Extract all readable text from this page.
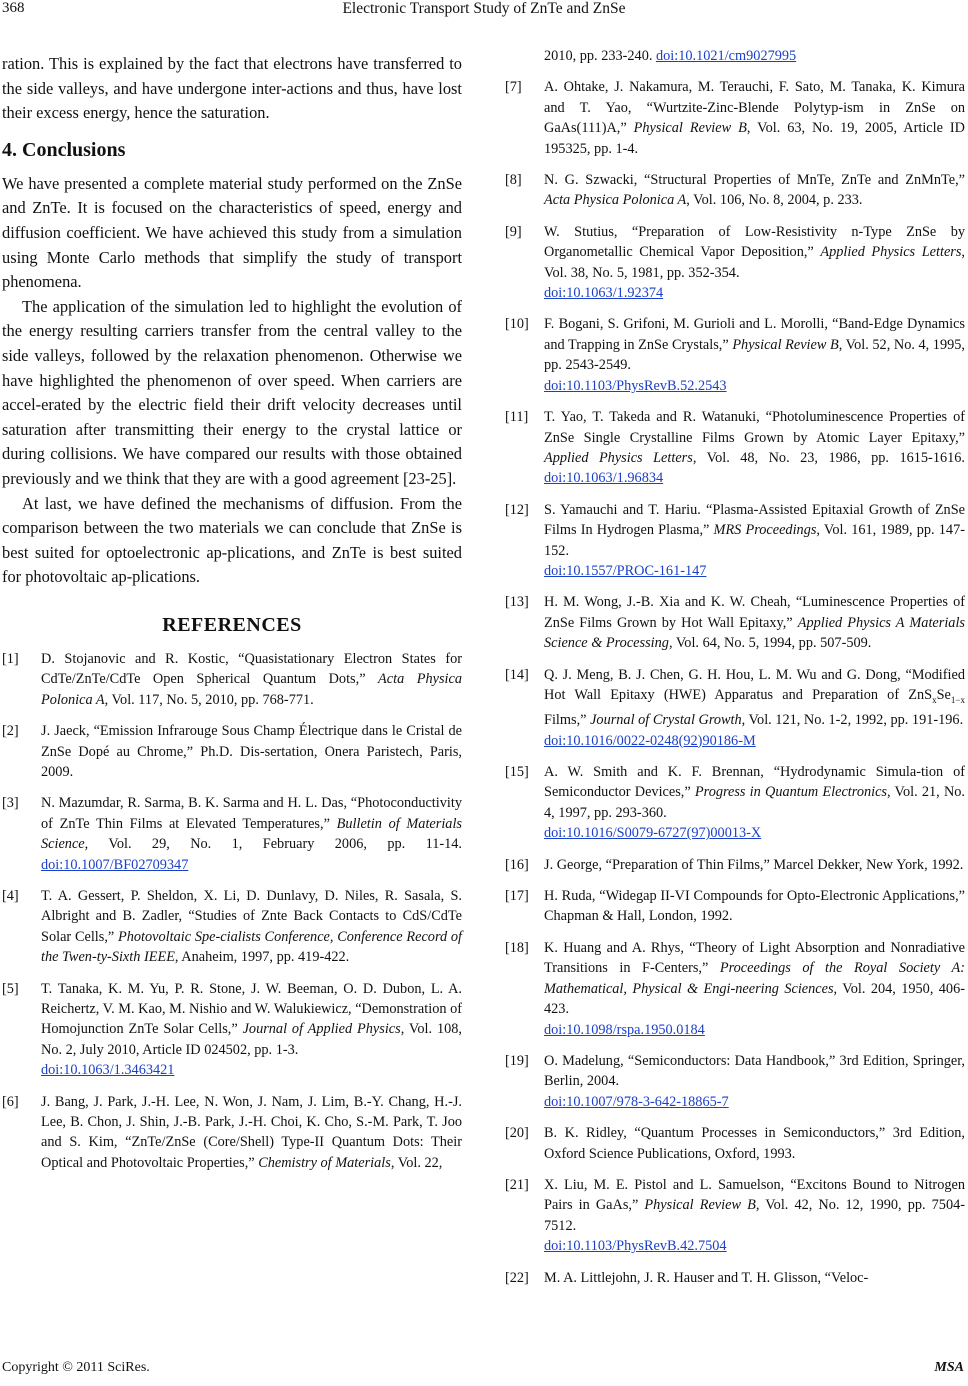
368	Electronic Transport Study of ZnTe and ZnSe

ration. This is explained by the fact that electrons have transferred to the side valleys, and have undergone inter-actions and thus, have lost their excess energy, hence the saturation.

4. Conclusions

We have presented a complete material study performed on the ZnSe and ZnTe. It is focused on the characteristics of speed, energy and diffusion coefficient. We have achieved this study from a simulation using Monte Carlo methods that simplify the study of transport phenomena.

The application of the simulation led to highlight the evolution of the energy resulting carriers transfer from the central valley to the side valleys, followed by the relaxation phenomenon. Otherwise we have highlighted the phenomenon of over speed. When carriers are accel-erated by the electric field their drift velocity decreases until saturation after transmitting their energy to the crystal lattice or during collisions. We have compared our results with those obtained previously and we think that they are with a good agreement [23-25].

At last, we have defined the mechanisms of diffusion. From the comparison between the two materials we can conclude that ZnSe is best suited for optoelectronic ap-plications, and ZnTe is best suited for photovoltaic ap-plications.

REFERENCES
[1] D. Stojanovic and R. Kostic, “Quasistationary Electron States for CdTe/ZnTe/CdTe Open Spherical Quantum Dots,” Acta Physica Polonica A, Vol. 117, No. 5, 2010, pp. 768-771.
[2] J. Jaeck, “Emission Infrarouge Sous Champ Électrique dans le Cristal de ZnSe Dopé au Chrome,” Ph.D. Dis-sertation, Onera Paristech, Paris, 2009.
[3] N. Mazumdar, R. Sarma, B. K. Sarma and H. L. Das, “Photoconductivity of ZnTe Thin Films at Elevated Temperatures,” Bulletin of Materials Science, Vol. 29, No. 1, February 2006, pp. 11-14. doi:10.1007/BF02709347
[4] T. A. Gessert, P. Sheldon, X. Li, D. Dunlavy, D. Niles, R. Sasala, S. Albright and B. Zadler, “Studies of Znte Back Contacts to CdS/CdTe Solar Cells,” Photovoltaic Spe-cialists Conference, Conference Record of the Twen-ty-Sixth IEEE, Anaheim, 1997, pp. 419-422.
[5] T. Tanaka, K. M. Yu, P. R. Stone, J. W. Beeman, O. D. Dubon, L. A. Reichertz, V. M. Kao, M. Nishio and W. Walukiewicz, “Demonstration of Homojunction ZnTe Solar Cells,” Journal of Applied Physics, Vol. 108, No. 2, July 2010, Article ID 024502, pp. 1-3.
doi:10.1063/1.3463421
[6] J. Bang, J. Park, J.-H. Lee, N. Won, J. Nam, J. Lim, B.-Y. Chang, H.-J. Lee, B. Chon, J. Shin, J.-B. Park, J.-H. Choi, K. Cho, S.-M. Park, T. Joo and S. Kim, “ZnTe/ZnSe (Core/Shell) Type-II Quantum Dots: Their Optical and Photovoltaic Properties,” Chemistry of Materials, Vol. 22,
2010, pp. 233-240. doi:10.1021/cm9027995
[7] A. Ohtake, J. Nakamura, M. Terauchi, F. Sato, M. Tanaka, K. Kimura and T. Yao, “Wurtzite-Zinc-Blende Polytyp-ism in ZnSe on GaAs(111)A,” Physical Review B, Vol. 63, No. 19, 2005, Article ID 195325, pp. 1-4.
[8] N. G. Szwacki, “Structural Properties of MnTe, ZnTe and ZnMnTe,” Acta Physica Polonica A, Vol. 106, No. 8, 2004, p. 233.
[9] W. Stutius, “Preparation of Low-Resistivity n-Type ZnSe by Organometallic Chemical Vapor Deposition,” Applied Physics Letters, Vol. 38, No. 5, 1981, pp. 352-354.
doi:10.1063/1.92374
[10] F. Bogani, S. Grifoni, M. Gurioli and L. Morolli, “Band-Edge Dynamics and Trapping in ZnSe Crystals,” Physical Review B, Vol. 52, No. 4, 1995, pp. 2543-2549.
doi:10.1103/PhysRevB.52.2543
[11] T. Yao, T. Takeda and R. Watanuki, “Photoluminescence Properties of ZnSe Single Crystalline Films Grown by Atomic Layer Epitaxy,” Applied Physics Letters, Vol. 48, No. 23, 1986, pp. 1615-1616. doi:10.1063/1.96834
[12] S. Yamauchi and T. Hariu. “Plasma-Assisted Epitaxial Growth of ZnSe Films In Hydrogen Plasma,” MRS Proceedings, Vol. 161, 1989, pp. 147-152.
doi:10.1557/PROC-161-147
[13] H. M. Wong, J.-B. Xia and K. W. Cheah, “Luminescence Properties of ZnSe Films Grown by Hot Wall Epitaxy,” Applied Physics A Materials Science & Processing, Vol. 64, No. 5, 1994, pp. 507-509.
[14] Q. J. Meng, B. J. Chen, G. H. Hou, L. M. Wu and G. Dong, “Modified Hot Wall Epitaxy (HWE) Apparatus and Preparation of $ZnS_xSe_{1-x}$ Films,” Journal of Crystal Growth, Vol. 121, No. 1-2, 1992, pp. 191-196.
doi:10.1016/0022-0248(92)90186-M
[15] A. W. Smith and K. F. Brennan, “Hydrodynamic Simula-tion of Semiconductor Devices,” Progress in Quantum Electronics, Vol. 21, No. 4, 1997, pp. 293-360.
doi:10.1016/S0079-6727(97)00013-X
[16] J. George, “Preparation of Thin Films,” Marcel Dekker, New York, 1992.
[17] H. Ruda, “Widegap II-VI Compounds for Opto-Electronic Applications,” Chapman & Hall, London, 1992.
[18] K. Huang and A. Rhys, “Theory of Light Absorption and Nonradiative Transitions in F-Centers,” Proceedings of the Royal Society A: Mathematical, Physical & Engi-neering Sciences, Vol. 204, 1950, 406-423.
doi:10.1098/rspa.1950.0184
[19] O. Madelung, “Semiconductors: Data Handbook,” 3rd Edition, Springer, Berlin, 2004.
doi:10.1007/978-3-642-18865-7
[20] B. K. Ridley, “Quantum Processes in Semiconductors,” 3rd Edition, Oxford Science Publications, Oxford, 1993.
[21] X. Liu, M. E. Pistol and L. Samuelson, “Excitons Bound to Nitrogen Pairs in GaAs,” Physical Review B, Vol. 42, No. 12, 1990, pp. 7504-7512.
doi:10.1103/PhysRevB.42.7504
[22] M. A. Littlejohn, J. R. Hauser and T. H. Glisson, “Veloc-
Copyright © 2011 SciRes.	MSA
